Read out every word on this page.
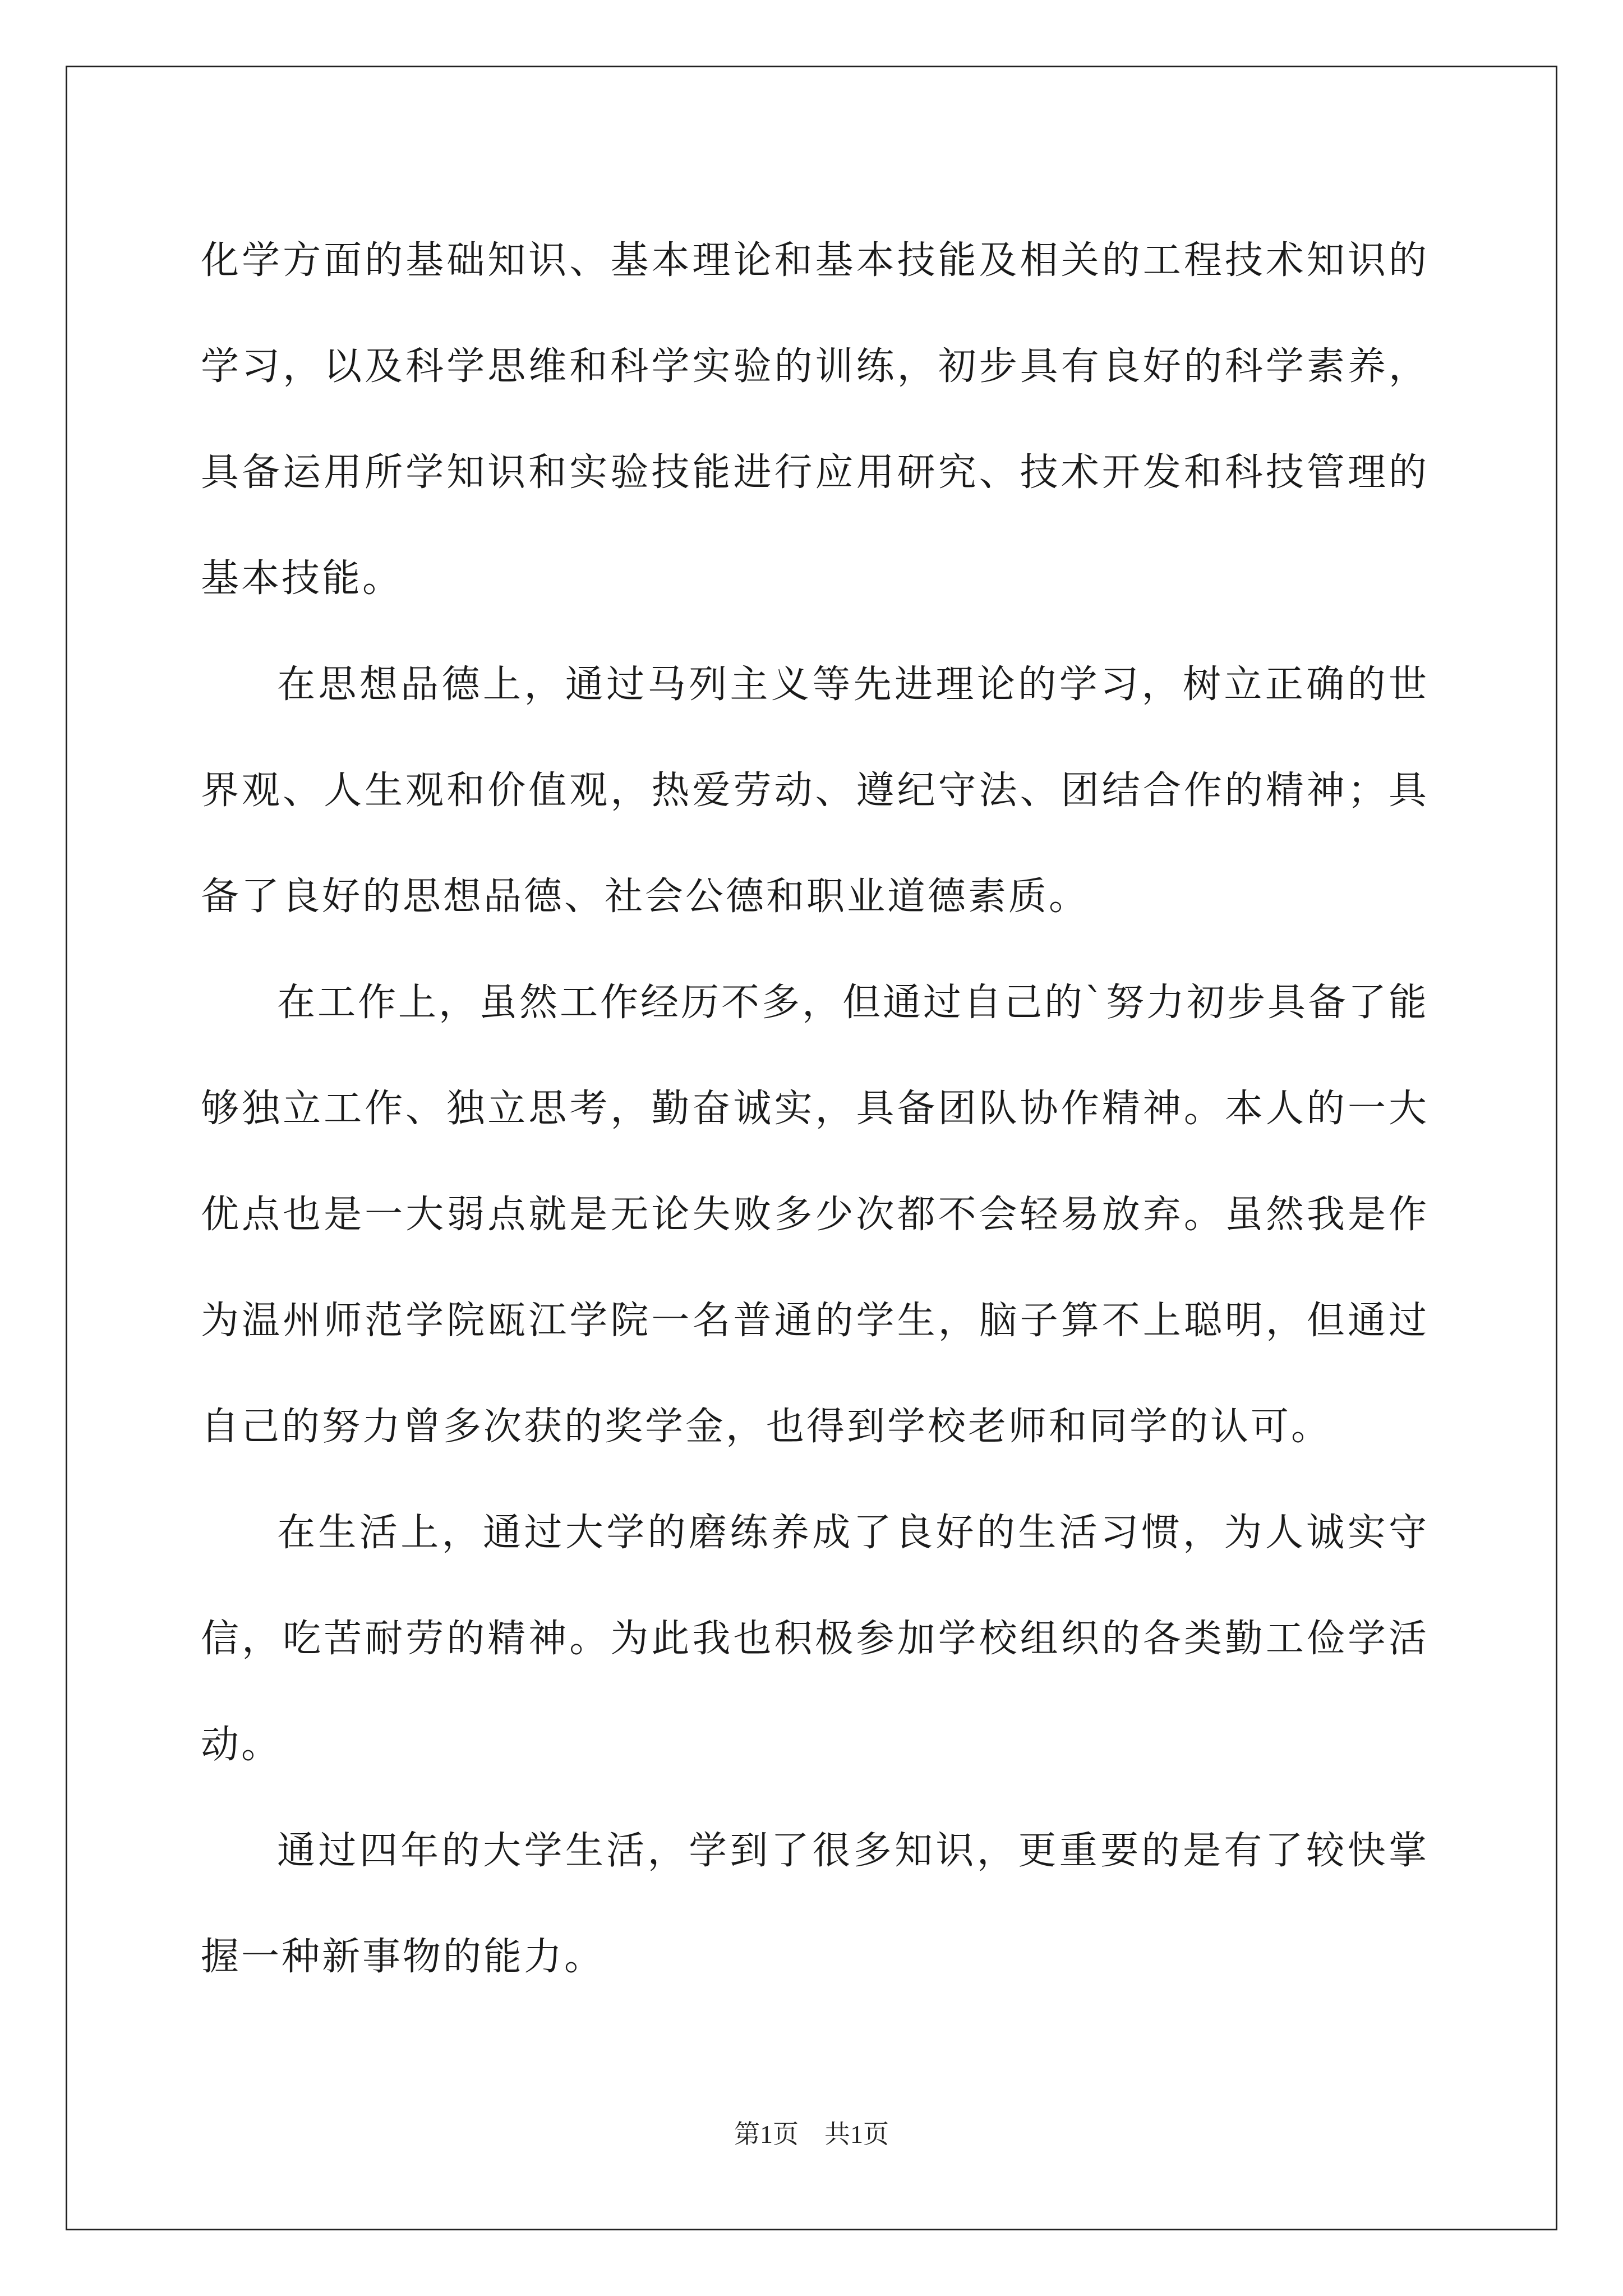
化学方面的基础知识、基本理论和基本技能及相关的工程技术知识的学习，以及科学思维和科学实验的训练，初步具有良好的科学素养，具备运用所学知识和实验技能进行应用研究、技术开发和科技管理的基本技能。

在思想品德上，通过马列主义等先进理论的学习，树立正确的世界观、人生观和价值观，热爱劳动、遵纪守法、团结合作的精神；具备了良好的思想品德、社会公德和职业道德素质。

在工作上，虽然工作经历不多，但通过自己的`努力初步具备了能够独立工作、独立思考，勤奋诚实，具备团队协作精神。本人的一大优点也是一大弱点就是无论失败多少次都不会轻易放弃。虽然我是作为温州师范学院瓯江学院一名普通的学生，脑子算不上聪明，但通过自己的努力曾多次获的奖学金，也得到学校老师和同学的认可。

在生活上，通过大学的磨练养成了良好的生活习惯，为人诚实守信，吃苦耐劳的精神。为此我也积极参加学校组织的各类勤工俭学活动。

通过四年的大学生活，学到了很多知识，更重要的是有了较快掌握一种新事物的能力。

第1页　共1页
